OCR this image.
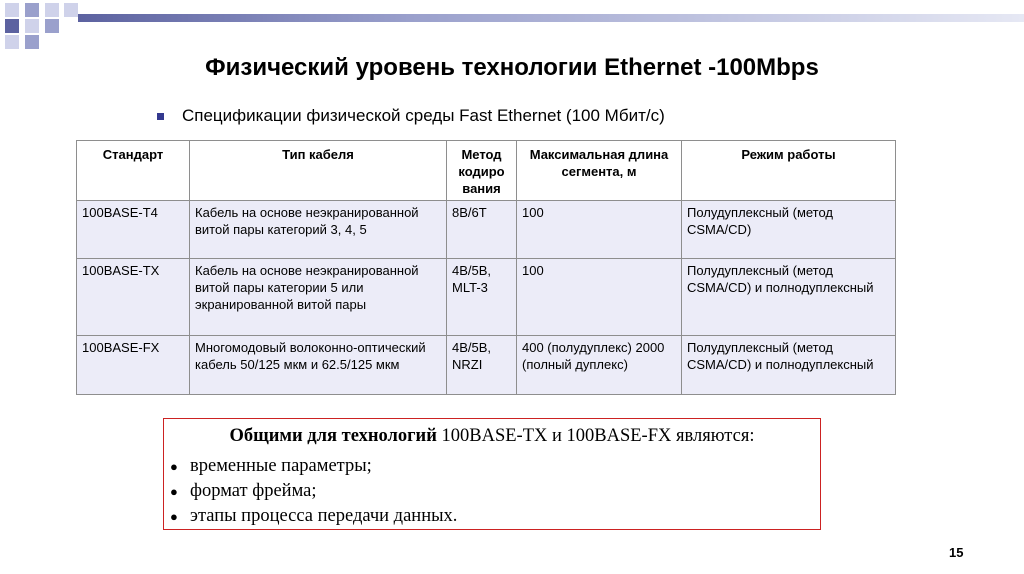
Физический уровень технологии Ethernet -100Mbps
Спецификации физической среды Fast Ethernet (100 Мбит/с)
Стандарт	Тип кабеля	Метод кодиро вания	Максимальная длина сегмента, м	Режим работы
100BASE-T4	Кабель на основе неэкранированной витой пары категорий 3, 4, 5	8B/6T	100	Полудуплексный (метод CSMA/CD)
100BASE-TX	Кабель на основе неэкранированной витой пары категории 5 или экранированной витой пары	4B/5B, MLT-3	100	Полудуплексный (метод CSMA/CD) и полнодуплексный
100BASE-FX	Многомодовый волоконно-оптический кабель 50/125 мкм и 62.5/125 мкм	4B/5B, NRZI	400 (полудуплекс) 2000 (полный дуплекс)	Полудуплексный (метод CSMA/CD) и полнодуплексный
Общими для технологий 100BASE-TX и 100BASE-FX являются:
● временные параметры;
● формат фрейма;
● этапы процесса передачи данных.
15
